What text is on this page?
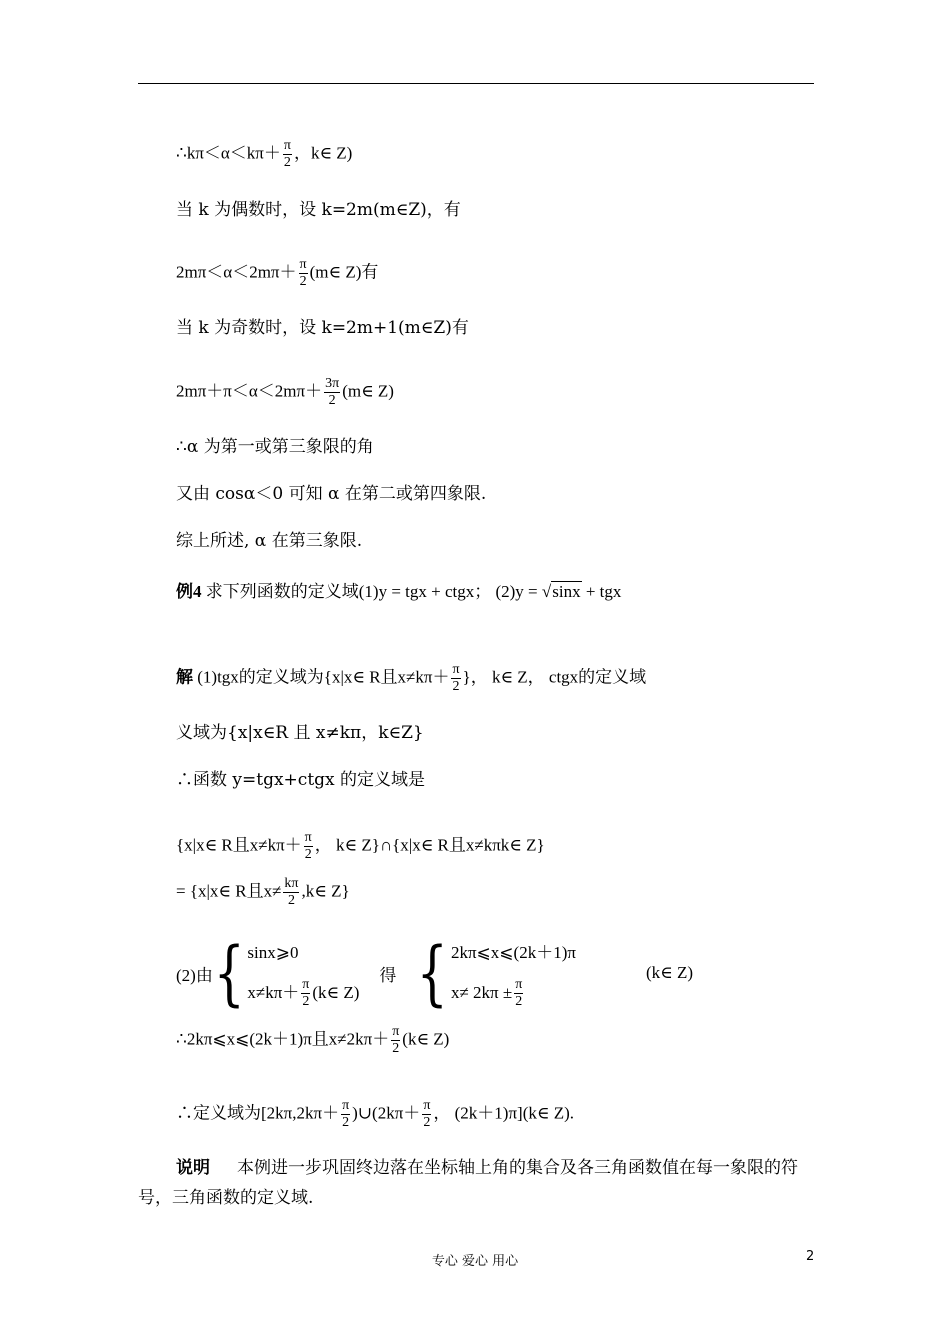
∴kπ＜α＜kπ＋ $\frac{\pi}{2}$ ，k∈ Z)
当 k 为偶数时，设 k=2m(m∈Z)，有
$2m\pi<\alpha<2m\pi+ \frac{\pi}{2}$ (m∈ Z)有
当 k 为奇数时，设 k=2m+1(m∈Z)有
$2m\pi+\pi<\alpha<2m\pi+ \frac{3\pi}{2}$ (m∈ Z)
∴α 为第一或第三象限的角
又由 cosα＜0 可知 α 在第二或第四象限.
综上所述, α 在第三象限.
例4 求下列函数的定义域(1)y = tgx + ctgx； (2)y = √sinx + tgx
解 (1)tgx的定义域为{x|x∈ R且$x\ne k\pi+ \frac{\pi}{2}$ }， k∈ Z， ctgx的定义域
义域为{x|x∈R 且 x≠kπ，k∈Z}
∴函数 y=tgx+ctgx 的定义域是
{x|x∈ R且$x\ne k\pi+ \frac{\pi}{2}$ ， k∈ Z}∩{x|x∈ R且x≠kπk∈ Z}
= {x|x∈ R且$x\ne \frac{k\pi}{2}$ ,k∈ Z}
(2)由 { sinx⩾0
$x\ne k\pi+ \frac{\pi}{2}$ (k∈ Z)
得 { 2kπ⩽x⩽(2k＋1)π
$x\ne 2k\pi \pm \frac{\pi}{2}$
(k∈ Z)
∴2kπ⩽x⩽(2k＋1)π且$x\ne 2k\pi+ \frac{\pi}{2}$ (k∈ Z)
∴定义域为[$2k\pi,2k\pi+ \frac{\pi}{2}$ )∪(2kπ＋ $\frac{\pi}{2}$ ， (2k＋1)π](k∈ Z).
说明 本例进一步巩固终边落在坐标轴上角的集合及各三角函数值在每一象限的符号，三角函数的定义域.
专心 爱心 用心	2
